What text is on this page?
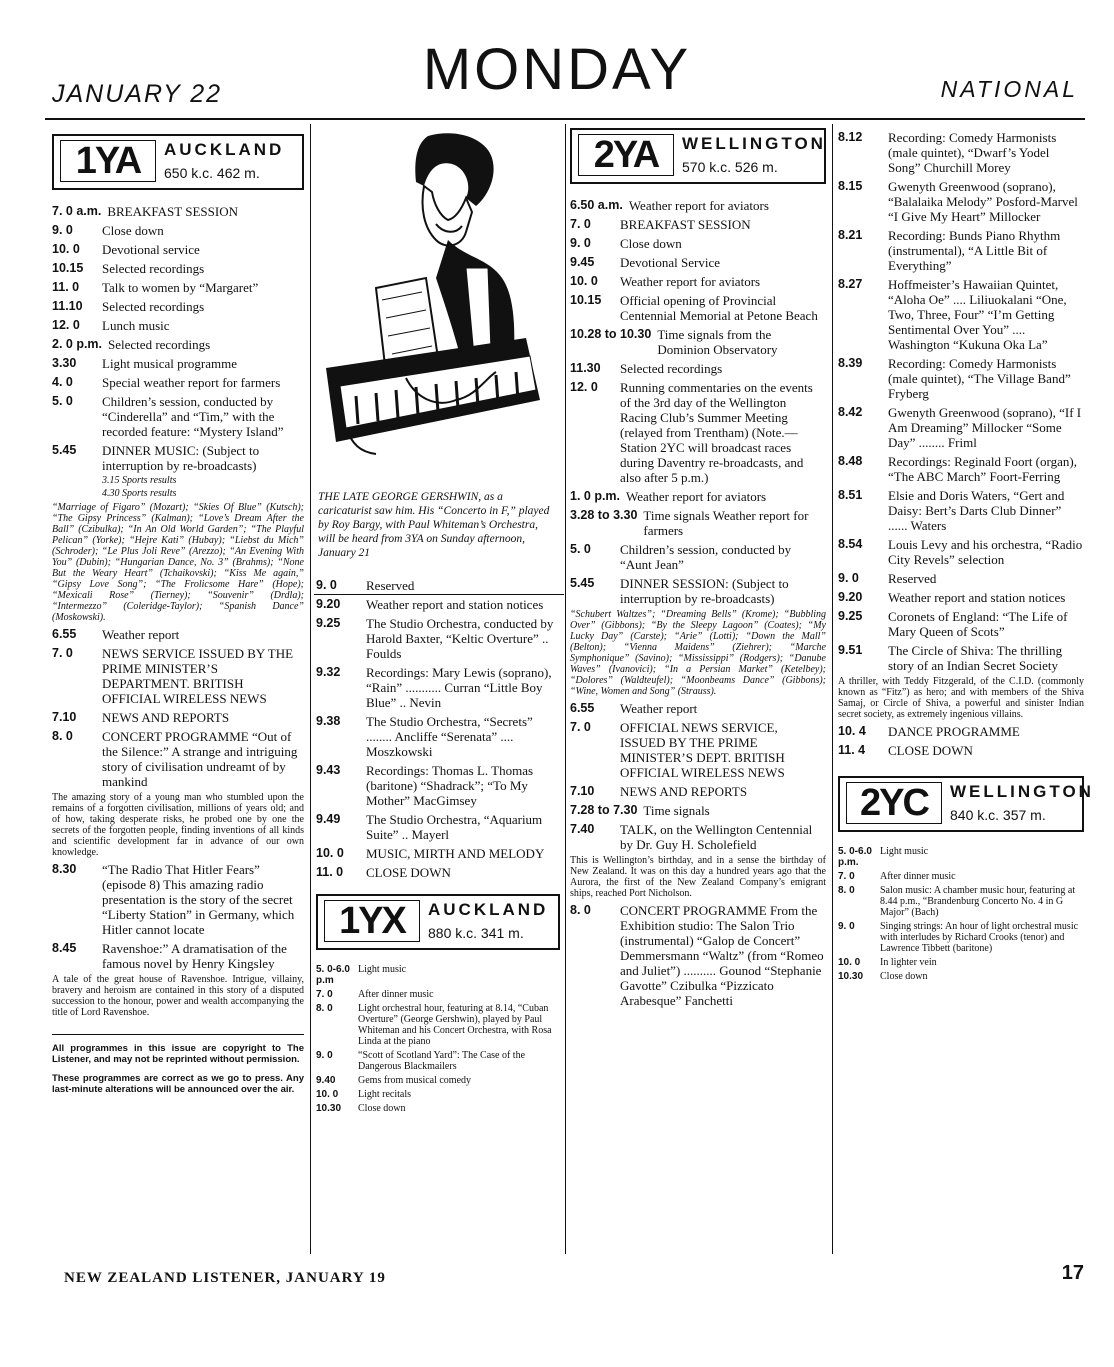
JANUARY 22	MONDAY	NATIONAL
1YA	AUCKLAND
650 k.c. 462 m.
7. 0 a.m. BREAKFAST SESSION
9. 0	Close down
10. 0	Devotional service
10.15	Selected recordings
11. 0	Talk to women by “Margaret”
11.10	Selected recordings
12. 0	Lunch music
2. 0 p.m. Selected recordings
3.30	Light musical programme
4. 0	Special weather report for farmers
5. 0	Children’s session, conducted by “Cinderella” and “Tim,” with the recorded feature: “Mystery Island”
5.45	DINNER MUSIC: (Subject to interruption by re-broadcasts)
3.15 Sports results
4.30 Sports results
“Marriage of Figaro” (Mozart); “Skies Of Blue” (Kutsch); “The Gipsy Princess” (Kalman); “Love’s Dream After the Ball” (Czibulka); “In An Old World Garden”; “The Playful Pelican” (Yorke); “Hejre Kati” (Hubay); “Liebst du Mich” (Schroder); “Le Plus Joli Reve” (Arezzo); “An Evening With You” (Dubin); “Hungarian Dance, No. 3” (Brahms); “None But the Weary Heart” (Tchaikovski); “Kiss Me again,” “Gipsy Love Song”; “The Frolicsome Hare” (Hope); “Mexicali Rose” (Tierney); “Souvenir” (Drdla); “Intermezzo” (Coleridge-Taylor); “Spanish Dance” (Moskowski).
6.55	Weather report
7. 0	NEWS SERVICE ISSUED BY THE PRIME MINISTER’S DEPARTMENT. BRITISH OFFICIAL WIRELESS NEWS
7.10	NEWS AND REPORTS
8. 0	CONCERT PROGRAMME “Out of the Silence:” A strange and intriguing story of civilisation undreamt of by mankind
The amazing story of a young man who stumbled upon the remains of a forgotten civilisation, millions of years old; and of how, taking desperate risks, he probed one by one the secrets of the forgotten people, finding inventions of all kinds and scientific development far in advance of our own knowledge.
8.30	“The Radio That Hitler Fears” (episode 8) This amazing radio presentation is the story of the secret “Liberty Station” in Germany, which Hitler cannot locate
8.45	Ravenshoe:” A dramatisation of the famous novel by Henry Kingsley
A tale of the great house of Ravenshoe. Intrigue, villainy, bravery and heroism are contained in this story of a disputed succession to the honour, power and wealth accompanying the title of Lord Ravenshoe.
All programmes in this issue are copyright to The Listener, and may not be reprinted without permission.
These programmes are correct as we go to press. Any last-minute alterations will be announced over the air.
THE LATE GEORGE GERSHWIN, as a caricaturist saw him. His “Concerto in F,” played by Roy Bargy, with Paul Whiteman’s Orchestra, will be heard from 3YA on Sunday afternoon, January 21
9. 0	Reserved
9.20	Weather report and station notices
9.25	The Studio Orchestra, conducted by Harold Baxter, “Keltic Overture” .. Foulds
9.32	Recordings: Mary Lewis (soprano), “Rain” ........... Curran “Little Boy Blue” .. Nevin
9.38	The Studio Orchestra, “Secrets” ........ Ancliffe “Serenata” .... Moszkowski
9.43	Recordings: Thomas L. Thomas (baritone) “Shadrack”; “To My Mother” MacGimsey
9.49	The Studio Orchestra, “Aquarium Suite” .. Mayerl
10. 0	MUSIC, MIRTH AND MELODY
11. 0	CLOSE DOWN
1YX	AUCKLAND
880 k.c. 341 m.
5. 0-6.0 p.m
Light music
7. 0	After dinner music
8. 0	Light orchestral hour, featuring at 8.14, “Cuban Overture” (George Gershwin), played by Paul Whiteman and his Concert Orchestra, with Rosa Linda at the piano
9. 0	“Scott of Scotland Yard”: The Case of the Dangerous Blackmailers
9.40	Gems from musical comedy
10. 0	Light recitals
10.30	Close down
2YA	WELLINGTON
570 k.c. 526 m.
6.50 a.m. Weather report for aviators
7. 0	BREAKFAST SESSION
9. 0	Close down
9.45	Devotional Service
10. 0	Weather report for aviators
10.15	Official opening of Provincial Centennial Memorial at Petone Beach
10.28 to 10.30 Time signals from the Dominion Observatory
11.30	Selected recordings
12. 0	Running commentaries on the events of the 3rd day of the Wellington Racing Club’s Summer Meeting (relayed from Trentham) (Note.—Station 2YC will broadcast races during Daventry re-broadcasts, and also after 5 p.m.)
1. 0 p.m. Weather report for aviators
3.28 to 3.30 Time signals Weather report for farmers
5. 0	Children’s session, conducted by “Aunt Jean”
5.45	DINNER SESSION: (Subject to interruption by re-broadcasts)
“Schubert Waltzes”; “Dreaming Bells” (Krome); “Bubbling Over” (Gibbons); “By the Sleepy Lagoon” (Coates); “My Lucky Day” (Carste); “Arie” (Lotti); “Down the Mall” (Belton); “Vienna Maidens” (Ziehrer); “Marche Symphonique” (Savino); “Mississippi” (Rodgers); “Danube Waves” (Ivanovici); “In a Persian Market” (Ketelbey); “Dolores” (Waldteufel); “Moonbeams Dance” (Gibbons); “Wine, Women and Song” (Strauss).
6.55	Weather report
7. 0	OFFICIAL NEWS SERVICE, ISSUED BY THE PRIME MINISTER’S DEPT. BRITISH OFFICIAL WIRELESS NEWS
7.10	NEWS AND REPORTS
7.28 to 7.30 Time signals
7.40	TALK, on the Wellington Centennial by Dr. Guy H. Scholefield
This is Wellington’s birthday, and in a sense the birthday of New Zealand. It was on this day a hundred years ago that the Aurora, the first of the New Zealand Company’s emigrant ships, reached Port Nicholson.
8. 0	CONCERT PROGRAMME From the Exhibition studio: The Salon Trio (instrumental) “Galop de Concert” Demmersmann “Waltz” (from “Romeo and Juliet”) .......... Gounod “Stephanie Gavotte” Czibulka “Pizzicato Arabesque” Fanchetti
8.12	Recording: Comedy Harmonists (male quintet), “Dwarf’s Yodel Song” Churchill Morey
8.15	Gwenyth Greenwood (soprano), “Balalaika Melody” Posford-Marvel “I Give My Heart” Millocker
8.21	Recording: Bunds Piano Rhythm (instrumental), “A Little Bit of Everything”
8.27	Hoffmeister’s Hawaiian Quintet, “Aloha Oe” .... Liliuokalani “One, Two, Three, Four” “I’m Getting Sentimental Over You” .... Washington “Kukuna Oka La”
8.39	Recording: Comedy Harmonists (male quintet), “The Village Band” Fryberg
8.42	Gwenyth Greenwood (soprano), “If I Am Dreaming” Millocker “Some Day” ........ Friml
8.48	Recordings: Reginald Foort (organ), “The ABC March” Foort-Ferring
8.51	Elsie and Doris Waters, “Gert and Daisy: Bert’s Darts Club Dinner” ...... Waters
8.54	Louis Levy and his orchestra, “Radio City Revels” selection
9. 0	Reserved
9.20	Weather report and station notices
9.25	Coronets of England: “The Life of Mary Queen of Scots”
9.51	The Circle of Shiva: The thrilling story of an Indian Secret Society
A thriller, with Teddy Fitzgerald, of the C.I.D. (commonly known as “Fitz”) as hero; and with members of the Shiva Samaj, or Circle of Shiva, a powerful and sinister Indian secret society, as extremely ingenious villains.
10. 4	DANCE PROGRAMME
11. 4	CLOSE DOWN
2YC	WELLINGTON
840 k.c. 357 m.
5. 0-6.0 p.m.
Light music
7. 0	After dinner music
8. 0	Salon music: A chamber music hour, featuring at 8.44 p.m., “Brandenburg Concerto No. 4 in G Major” (Bach)
9. 0	Singing strings: An hour of light orchestral music with interludes by Richard Crooks (tenor) and Lawrence Tibbett (baritone)
10. 0	In lighter vein
10.30	Close down
NEW ZEALAND LISTENER, JANUARY 19	17
